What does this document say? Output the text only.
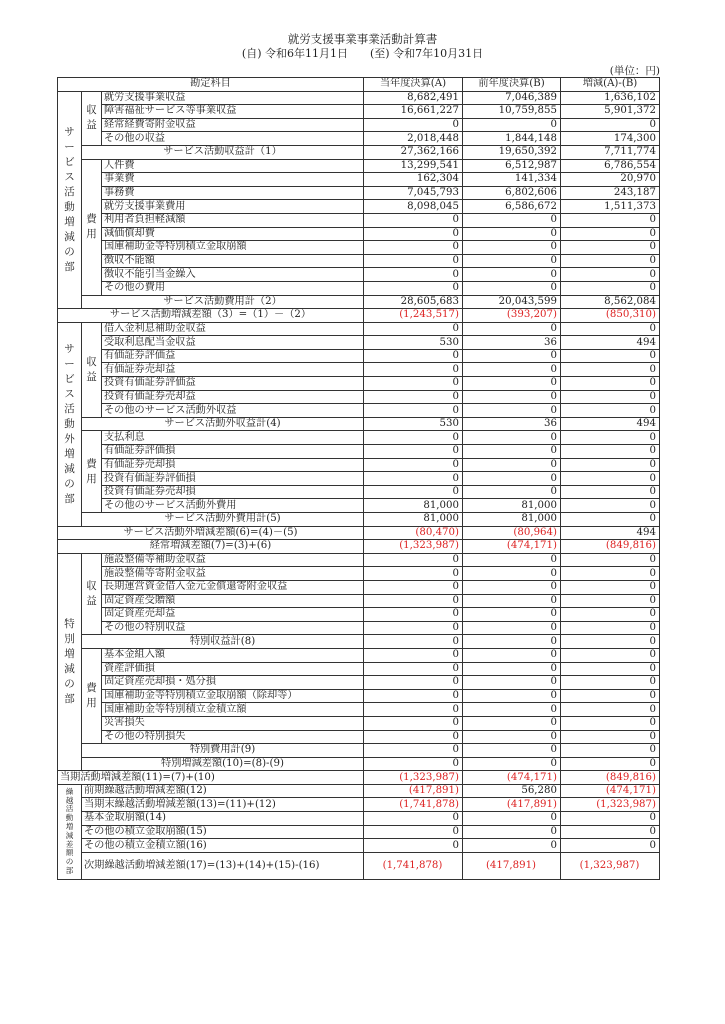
就労支援事業事業活動計算書
(自) 令和6年11月1日　　(至) 令和7年10月31日
(単位：円)
勘定科目			当年度決算(A)	前年度決算(B)	増減(A)-(B)
サービス活動増減の部	収益	就労支援事業収益	8,682,491	7,046,389	1,636,102
		障害福祉サービス等事業収益	16,661,227	10,759,855	5,901,372
		経常経費寄附金収益	0	0	0
		その他の収益	2,018,448	1,844,148	174,300
	サービス活動収益計（1）		27,362,166	19,650,392	7,711,774
	費用	人件費	13,299,541	6,512,987	6,786,554
		事業費	162,304	141,334	20,970
		事務費	7,045,793	6,802,606	243,187
		就労支援事業費用	8,098,045	6,586,672	1,511,373
		利用者負担軽減額	0	0	0
		減価償却費	0	0	0
		国庫補助金等特別積立金取崩額	0	0	0
		徴収不能額	0	0	0
		徴収不能引当金繰入	0	0	0
		その他の費用	0	0	0
	サービス活動費用計（2）		28,605,683	20,043,599	8,562,084
サービス活動増減差額（3）=（1）－（2）			(1,243,517)	(393,207)	(850,310)
サービス活動外増減の部	収益	借入金利息補助金収益	0	0	0
		受取利息配当金収益	530	36	494
		有価証券評価益	0	0	0
		有価証券売却益	0	0	0
		投資有価証券評価益	0	0	0
		投資有価証券売却益	0	0	0
		その他のサービス活動外収益	0	0	0
	サービス活動外収益計(4)		530	36	494
	費用	支払利息	0	0	0
		有価証券評価損	0	0	0
		有価証券売却損	0	0	0
		投資有価証券評価損	0	0	0
		投資有価証券売却損	0	0	0
		その他のサービス活動外費用	81,000	81,000	0
	サービス活動外費用計(5)		81,000	81,000	0
サービス活動外増減差額(6)=(4)－(5)			(80,470)	(80,964)	494
経常増減差額(7)=(3)+(6)			(1,323,987)	(474,171)	(849,816)
特別増減の部	収益	施設整備等補助金収益	0	0	0
		施設整備等寄附金収益	0	0	0
		長期運営資金借入金元金償還寄附金収益	0	0	0
		固定資産受贈額	0	0	0
		固定資産売却益	0	0	0
		その他の特別収益	0	0	0
	特別収益計(8)		0	0	0
	費用	基本金組入額	0	0	0
		資産評価損	0	0	0
		固定資産売却損・処分損	0	0	0
		国庫補助金等特別積立金取崩額（除却等）	0	0	0
		国庫補助金等特別積立金積立額	0	0	0
		災害損失	0	0	0
		その他の特別損失	0	0	0
	特別費用計(9)		0	0	0
	特別増減差額(10)=(8)-(9)		0	0	0
当期活動増減差額(11)=(7)+(10)			(1,323,987)	(474,171)	(849,816)
繰越活動増減差額の部	前期繰越活動増減差額(12)		(417,891)	56,280	(474,171)
	当期末繰越活動増減差額(13)=(11)+(12)		(1,741,878)	(417,891)	(1,323,987)
	基本金取崩額(14)		0	0	0
	その他の積立金取崩額(15)		0	0	0
	その他の積立金積立額(16)		0	0	0
	次期繰越活動増減差額(17)=(13)+(14)+(15)-(16)		(1,741,878)	(417,891)	(1,323,987)
